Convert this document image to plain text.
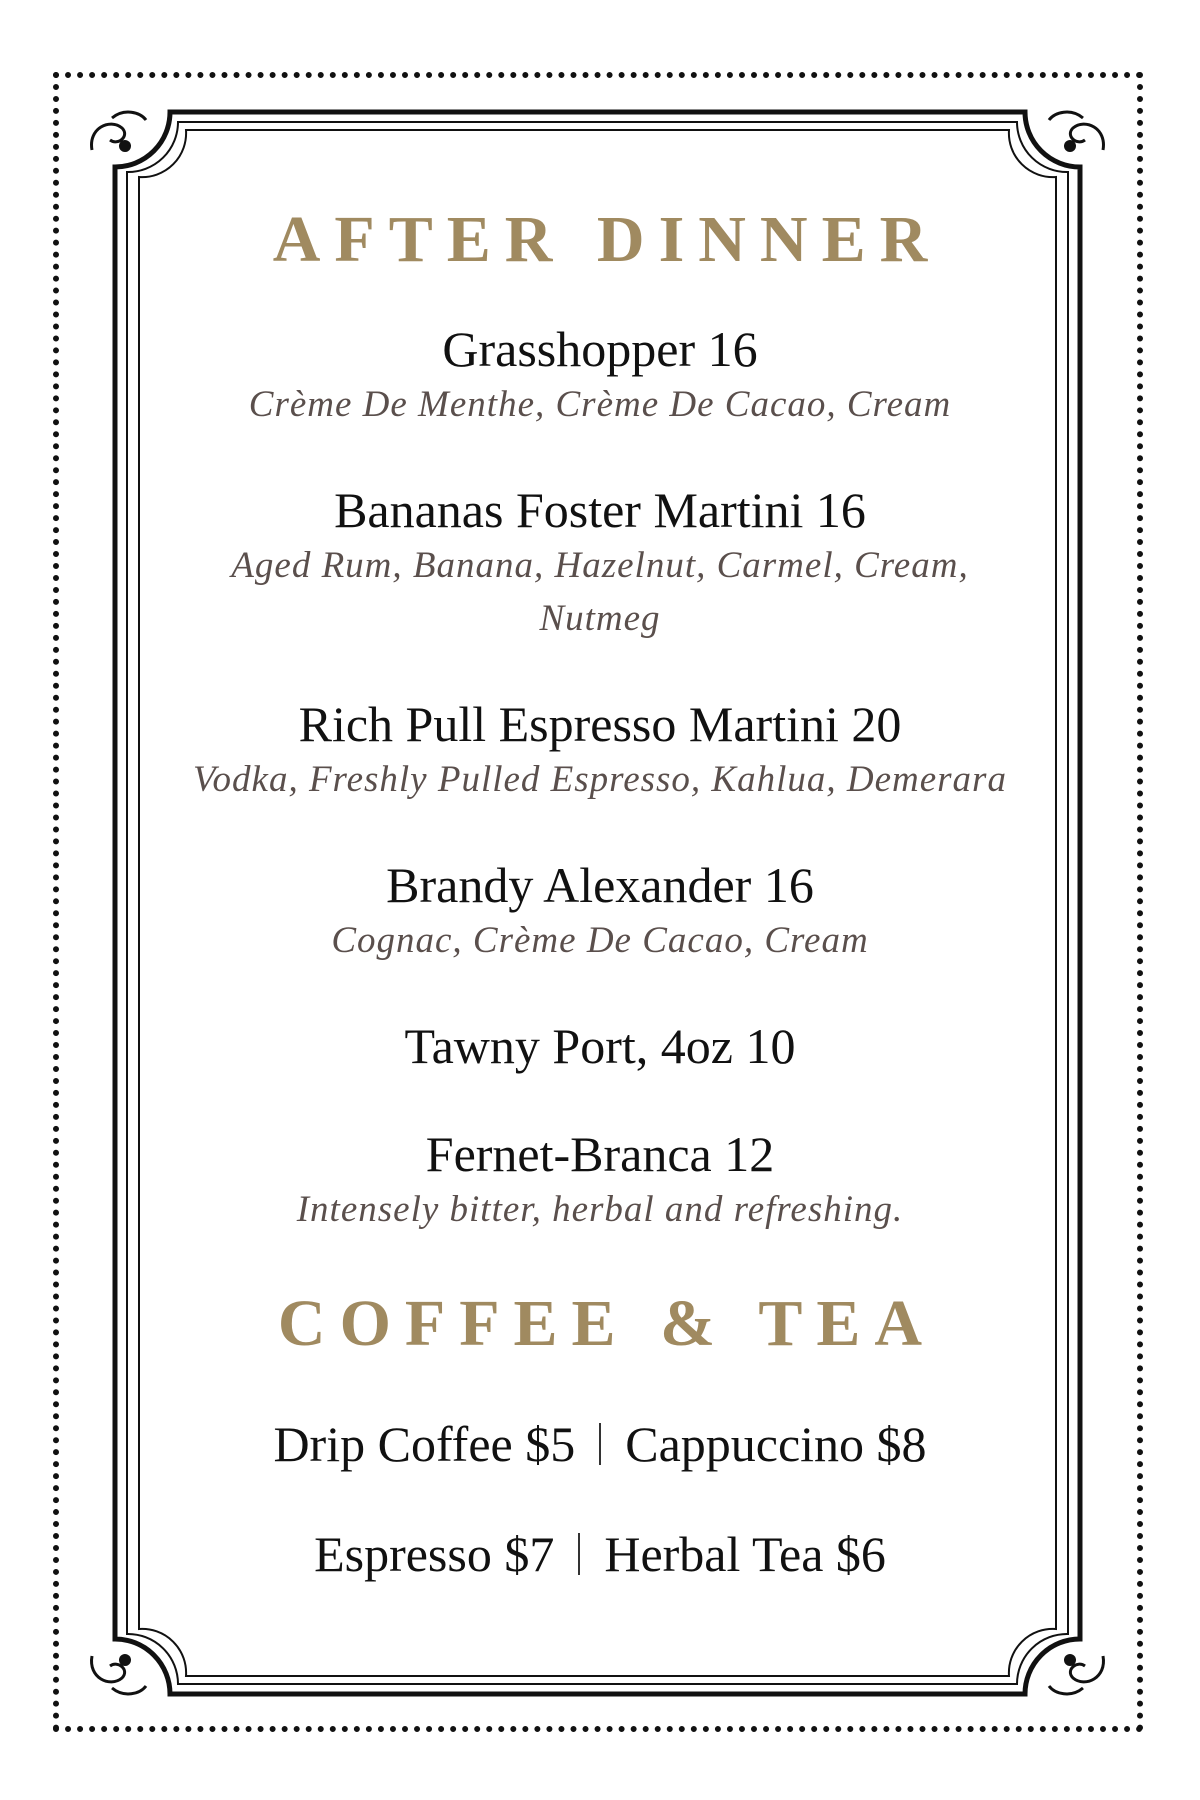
AFTER DINNER

Grasshopper 16

Crème De Menthe, Crème De Cacao, Cream

Bananas Foster Martini 16

Aged Rum, Banana, Hazelnut, Carmel, Cream, Nutmeg

Rich Pull Espresso Martini 20

Vodka, Freshly Pulled Espresso, Kahlua, Demerara

Brandy Alexander 16

Cognac, Crème De Cacao, Cream

Tawny Port, 4oz 10

Fernet-Branca 12

Intensely bitter, herbal and refreshing.

COFFEE & TEA
Drip Coffee $5 Cappuccino $8
Espresso $7 Herbal Tea $6
